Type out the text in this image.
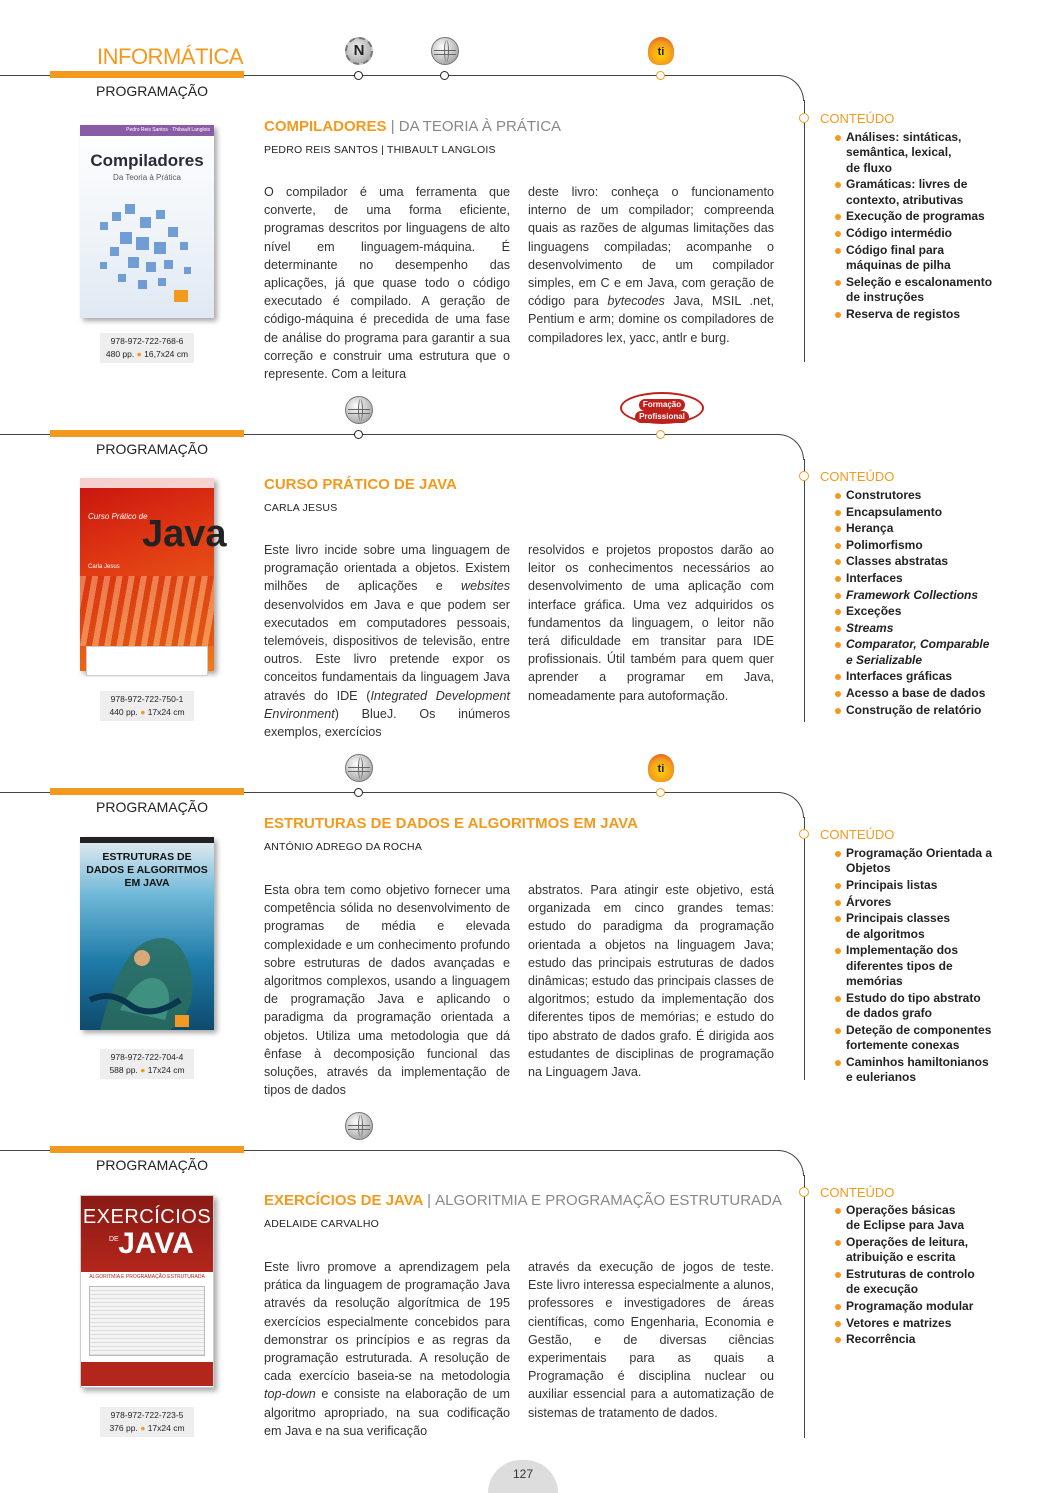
INFORMÁTICA	N	ti
PROGRAMAÇÃO
Pedro Reis Santos · Thibault Langlois
Compiladores
Da Teoria à Prática
978-972-722-768-6
480 pp. ● 16,7x24 cm
COMPILADORES | DA TEORIA À PRÁTICA
PEDRO REIS SANTOS | THIBAULT LANGLOIS
O compilador é uma ferramenta que converte, de uma forma eficiente, programas descritos por linguagens de alto nível em linguagem-máquina. É determinante no desempenho das aplicações, já que quase todo o código executado é compilado. A geração de código-máquina é precedida de uma fase de análise do programa para garantir a sua correção e construir uma estrutura que o represente. Com a leitura
deste livro: conheça o funcionamento interno de um compilador; compreenda quais as razões de algumas limitações das linguagens compiladas; acompanhe o desenvolvimento de um compilador simples, em C e em Java, com geração de código para bytecodes Java, MSIL .net, Pentium e arm; domine os compiladores de compiladores lex, yacc, antlr e burg.
CONTEÚDO
Análises: sintáticas, semântica, lexical, de fluxo
Gramáticas: livres de contexto, atributivas
Execução de programas
Código intermédio
Código final para máquinas de pilha
Seleção e escalonamento de instruções
Reserva de registos
Formação
Profissional
PROGRAMAÇÃO
Curso Prático de
Java
Carla Jesus
978-972-722-750-1
440 pp. ● 17x24 cm
CURSO PRÁTICO DE JAVA
CARLA JESUS
Este livro incide sobre uma linguagem de programação orientada a objetos. Existem milhões de aplicações e websites desenvolvidos em Java e que podem ser executados em computadores pessoais, telemóveis, dispositivos de televisão, entre outros. Este livro pretende expor os conceitos fundamentais da linguagem Java através do IDE (Integrated Development Environment) BlueJ. Os inúmeros exemplos, exercícios
resolvidos e projetos propostos darão ao leitor os conhecimentos necessários ao desenvolvimento de uma aplicação com interface gráfica. Uma vez adquiridos os fundamentos da linguagem, o leitor não terá dificuldade em transitar para IDE profissionais. Útil também para quem quer aprender a programar em Java, nomeadamente para autoformação.
CONTEÚDO
Construtores
Encapsulamento
Herança
Polimorfismo
Classes abstratas
Interfaces
Framework Collections
Exceções
Streams
Comparator, Comparable e Serializable
Interfaces gráficas
Acesso a base de dados
Construção de relatório
ti
PROGRAMAÇÃO
ESTRUTURAS DE DADOS E ALGORITMOS EM JAVA
978-972-722-704-4
588 pp. ● 17x24 cm
ESTRUTURAS DE DADOS E ALGORITMOS EM JAVA
ANTÓNIO ADREGO DA ROCHA
Esta obra tem como objetivo fornecer uma competência sólida no desenvolvimento de programas de média e elevada complexidade e um conhecimento profundo sobre estruturas de dados avançadas e algoritmos complexos, usando a linguagem de programação Java e aplicando o paradigma da programação orientada a objetos. Utiliza uma metodologia que dá ênfase à decomposição funcional das soluções, através da implementação de tipos de dados
abstratos. Para atingir este objetivo, está organizada em cinco grandes temas: estudo do paradigma da programação orientada a objetos na linguagem Java; estudo das principais estruturas de dados dinâmicas; estudo das principais classes de algoritmos; estudo da implementação dos diferentes tipos de memórias; e estudo do tipo abstrato de dados grafo. É dirigida aos estudantes de disciplinas de programação na Linguagem Java.
CONTEÚDO
Programação Orientada a Objetos
Principais listas
Árvores
Principais classes de algoritmos
Implementação dos diferentes tipos de memórias
Estudo do tipo abstrato de dados grafo
Deteção de componentes fortemente conexas
Caminhos hamiltonianos e eulerianos
PROGRAMAÇÃO
EXERCÍCIOS
DE JAVA
ALGORITMIA E PROGRAMAÇÃO ESTRUTURADA
978-972-722-723-5
376 pp. ● 17x24 cm
EXERCÍCIOS DE JAVA | ALGORITMIA E PROGRAMAÇÃO ESTRUTURADA
ADELAIDE CARVALHO
Este livro promove a aprendizagem pela prática da linguagem de programação Java através da resolução algorítmica de 195 exercícios especialmente concebidos para demonstrar os princípios e as regras da programação estruturada. A resolução de cada exercício baseia-se na metodologia top-down e consiste na elaboração de um algoritmo apropriado, na sua codificação em Java e na sua verificação
através da execução de jogos de teste. Este livro interessa especialmente a alunos, professores e investigadores de áreas científicas, como Engenharia, Economia e Gestão, e de diversas ciências experimentais para as quais a Programação é disciplina nuclear ou auxiliar essencial para a automatização de sistemas de tratamento de dados.
CONTEÚDO
Operações básicas de Eclipse para Java
Operações de leitura, atribuição e escrita
Estruturas de controlo de execução
Programação modular
Vetores e matrizes
Recorrência
127
